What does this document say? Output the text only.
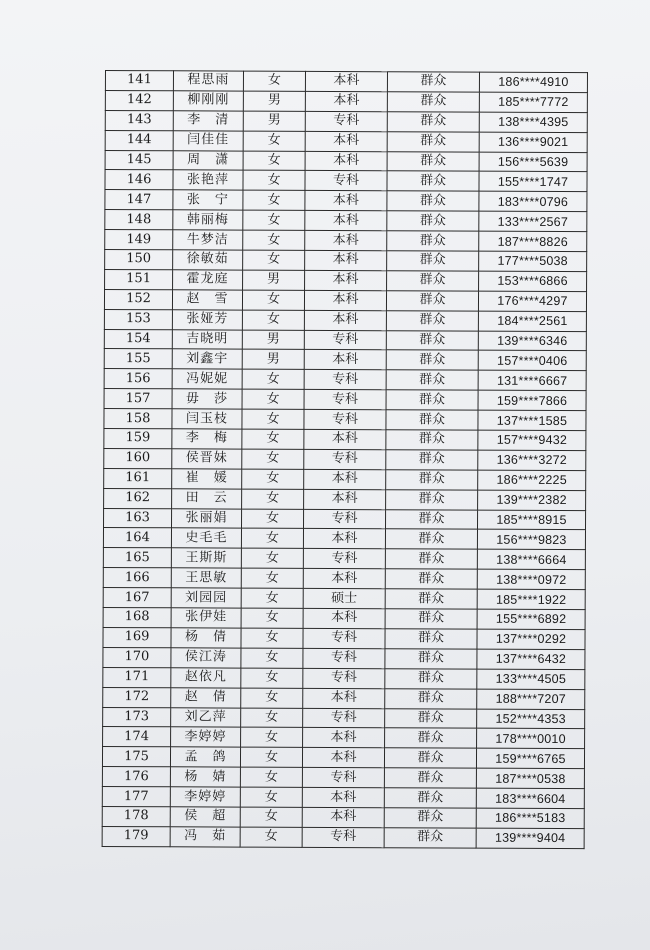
141	程思雨	女	本科	群众	186****4910
142	柳刚刚	男	本科	群众	185****7772
143	李　清	男	专科	群众	138****4395
144	闫佳佳	女	本科	群众	136****9021
145	周　潇	女	本科	群众	156****5639
146	张艳萍	女	专科	群众	155****1747
147	张　宁	女	本科	群众	183****0796
148	韩丽梅	女	本科	群众	133****2567
149	牛梦洁	女	本科	群众	187****8826
150	徐敏茹	女	本科	群众	177****5038
151	霍龙庭	男	本科	群众	153****6866
152	赵　雪	女	本科	群众	176****4297
153	张娅芳	女	本科	群众	184****2561
154	吉晓明	男	专科	群众	139****6346
155	刘鑫宇	男	本科	群众	157****0406
156	冯妮妮	女	专科	群众	131****6667
157	毋　莎	女	专科	群众	159****7866
158	闫玉枝	女	专科	群众	137****1585
159	李　梅	女	本科	群众	157****9432
160	侯晋妹	女	专科	群众	136****3272
161	崔　媛	女	本科	群众	186****2225
162	田　云	女	本科	群众	139****2382
163	张丽娟	女	专科	群众	185****8915
164	史毛毛	女	本科	群众	156****9823
165	王斯斯	女	专科	群众	138****6664
166	王思敏	女	本科	群众	138****0972
167	刘园园	女	硕士	群众	185****1922
168	张伊娃	女	本科	群众	155****6892
169	杨　倩	女	专科	群众	137****0292
170	侯江涛	女	专科	群众	137****6432
171	赵依凡	女	专科	群众	133****4505
172	赵　倩	女	本科	群众	188****7207
173	刘乙萍	女	专科	群众	152****4353
174	李婷婷	女	本科	群众	178****0010
175	孟　鸽	女	本科	群众	159****6765
176	杨　婧	女	专科	群众	187****0538
177	李婷婷	女	本科	群众	183****6604
178	侯　超	女	本科	群众	186****5183
179	冯　茹	女	专科	群众	139****9404
